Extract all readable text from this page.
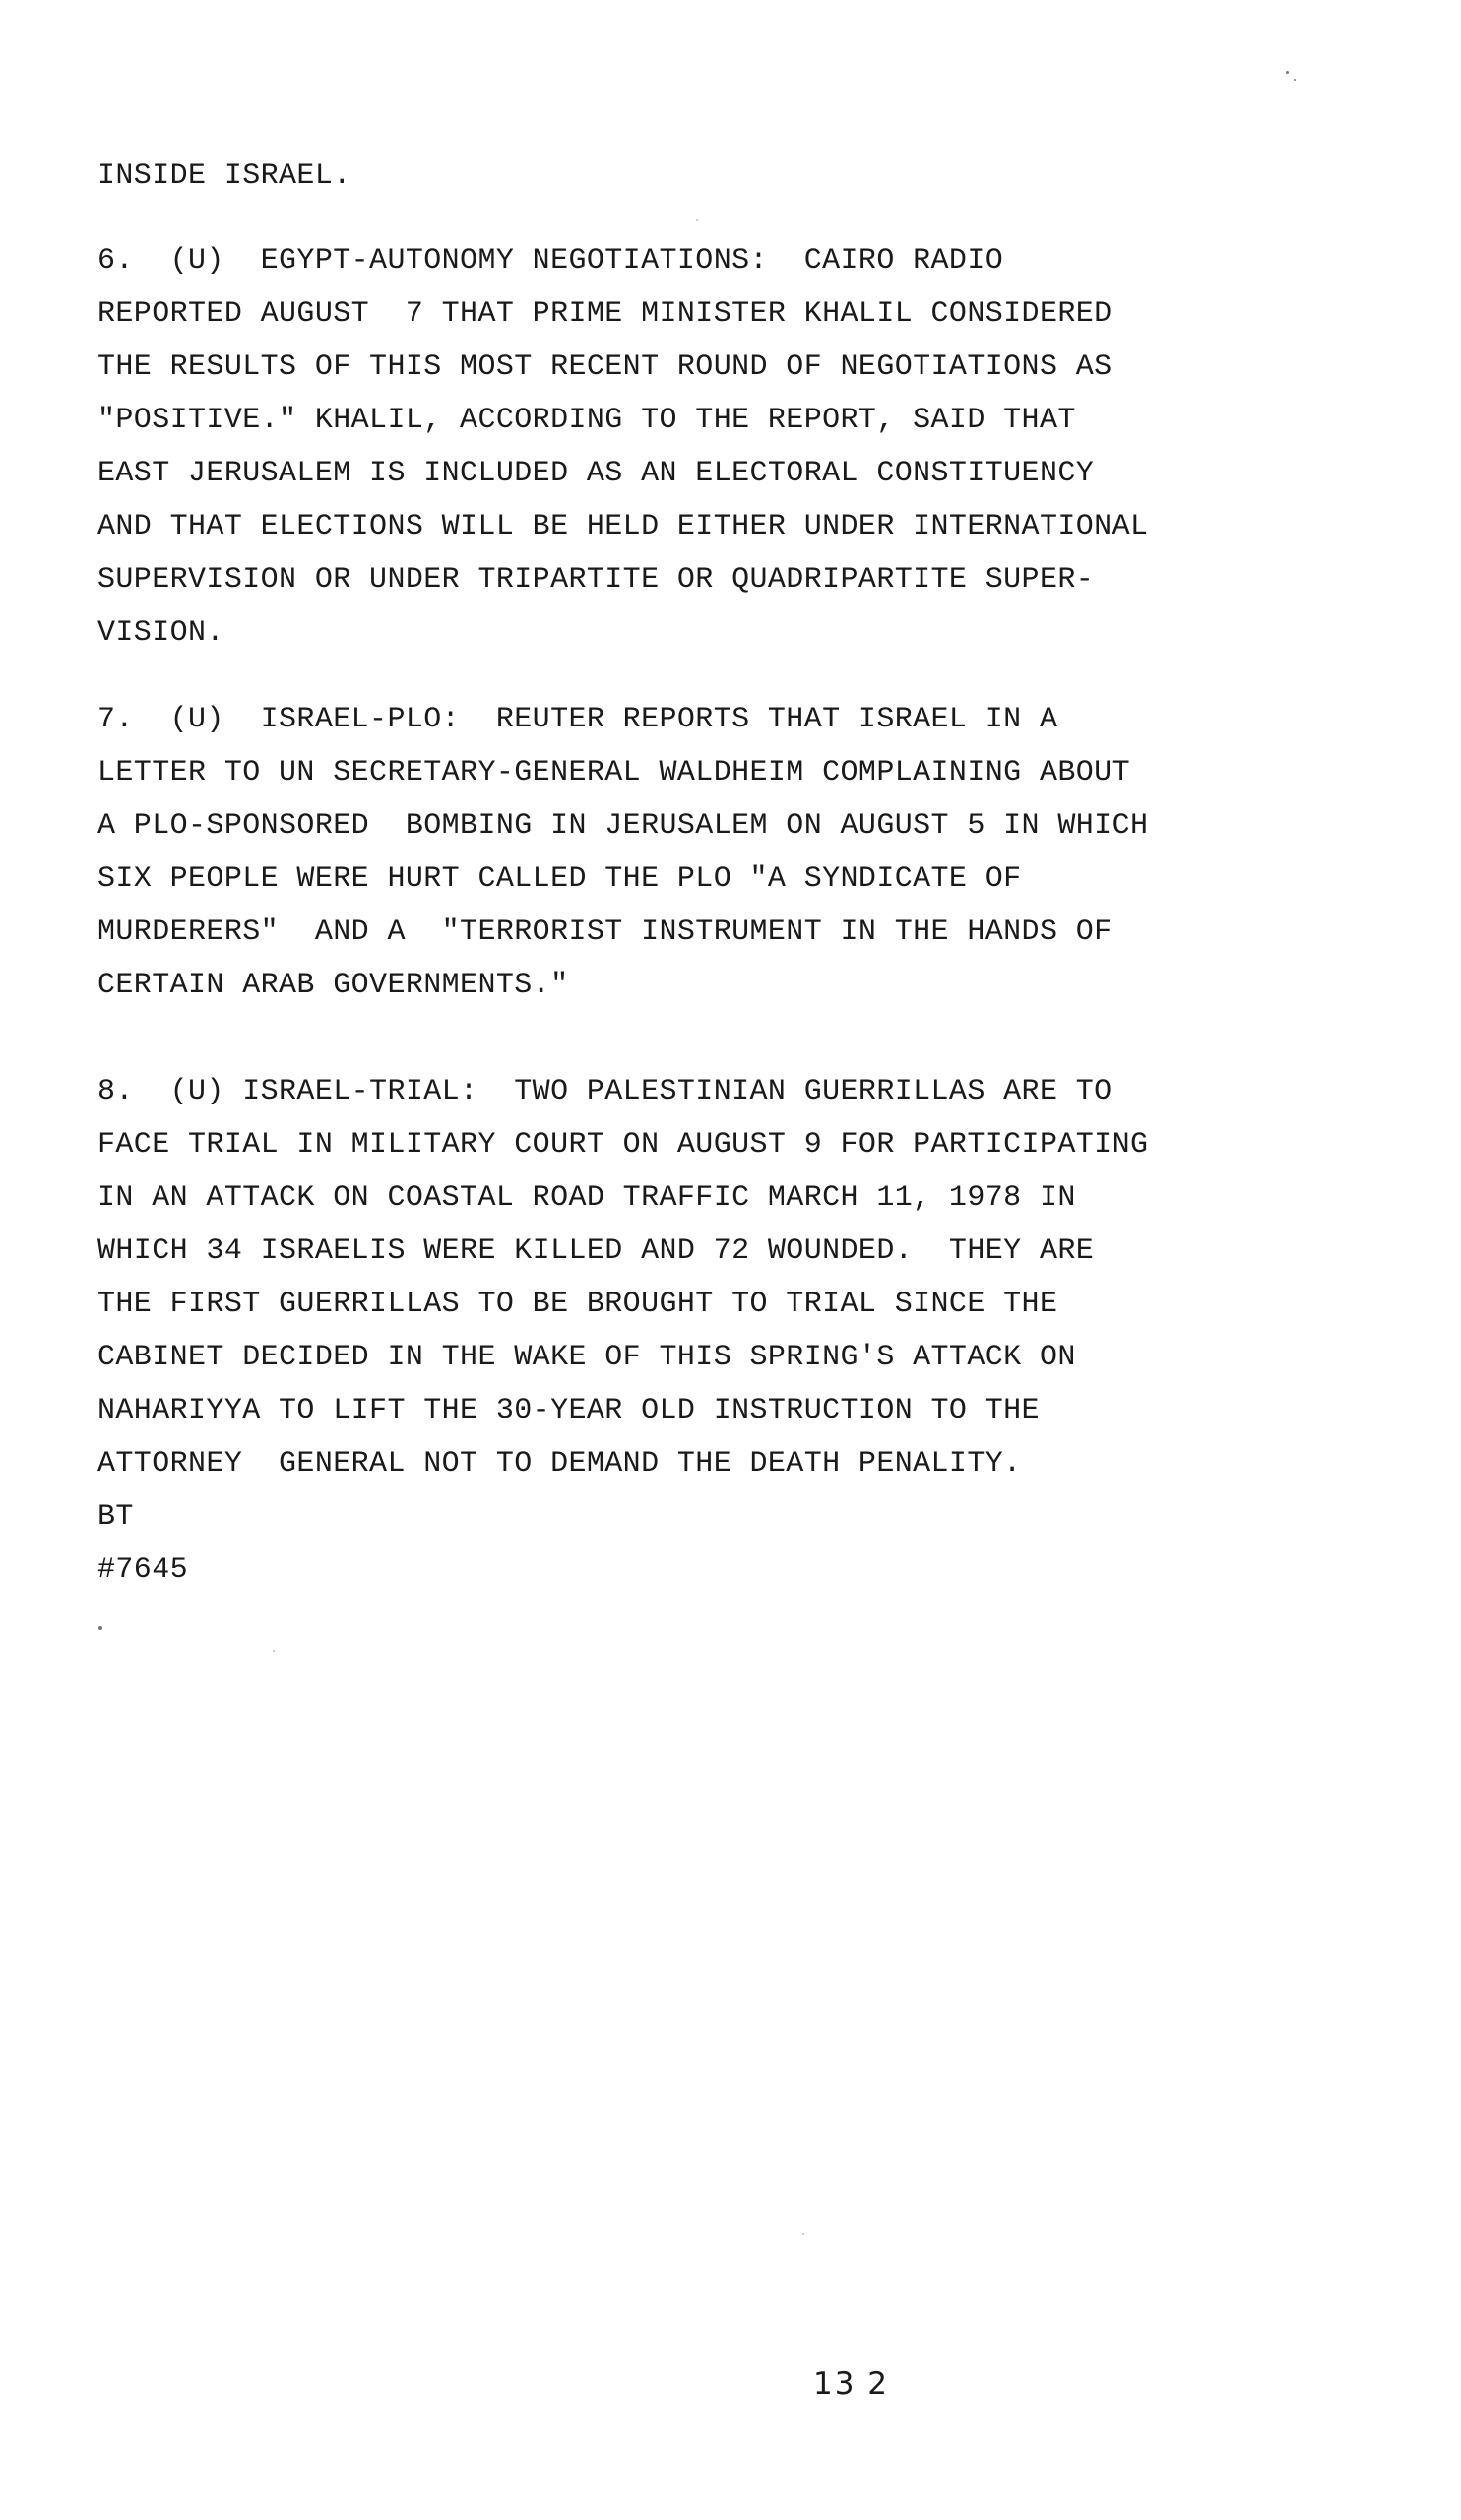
INSIDE ISRAEL.
6.  (U)  EGYPT-AUTONOMY NEGOTIATIONS:  CAIRO RADIO
REPORTED AUGUST  7 THAT PRIME MINISTER KHALIL CONSIDERED
THE RESULTS OF THIS MOST RECENT ROUND OF NEGOTIATIONS AS
"POSITIVE." KHALIL, ACCORDING TO THE REPORT, SAID THAT
EAST JERUSALEM IS INCLUDED AS AN ELECTORAL CONSTITUENCY
AND THAT ELECTIONS WILL BE HELD EITHER UNDER INTERNATIONAL
SUPERVISION OR UNDER TRIPARTITE OR QUADRIPARTITE SUPER-
VISION.
7.  (U)  ISRAEL-PLO:  REUTER REPORTS THAT ISRAEL IN A
LETTER TO UN SECRETARY-GENERAL WALDHEIM COMPLAINING ABOUT
A PLO-SPONSORED  BOMBING IN JERUSALEM ON AUGUST 5 IN WHICH
SIX PEOPLE WERE HURT CALLED THE PLO "A SYNDICATE OF
MURDERERS"  AND A  "TERRORIST INSTRUMENT IN THE HANDS OF
CERTAIN ARAB GOVERNMENTS."
8.  (U) ISRAEL-TRIAL:  TWO PALESTINIAN GUERRILLAS ARE TO
FACE TRIAL IN MILITARY COURT ON AUGUST 9 FOR PARTICIPATING
IN AN ATTACK ON COASTAL ROAD TRAFFIC MARCH 11, 1978 IN
WHICH 34 ISRAELIS WERE KILLED AND 72 WOUNDED.  THEY ARE
THE FIRST GUERRILLAS TO BE BROUGHT TO TRIAL SINCE THE
CABINET DECIDED IN THE WAKE OF THIS SPRING'S ATTACK ON
NAHARIYYA TO LIFT THE 30-YEAR OLD INSTRUCTION TO THE
ATTORNEY  GENERAL NOT TO DEMAND THE DEATH PENALITY.
BT
#7645
13 2
